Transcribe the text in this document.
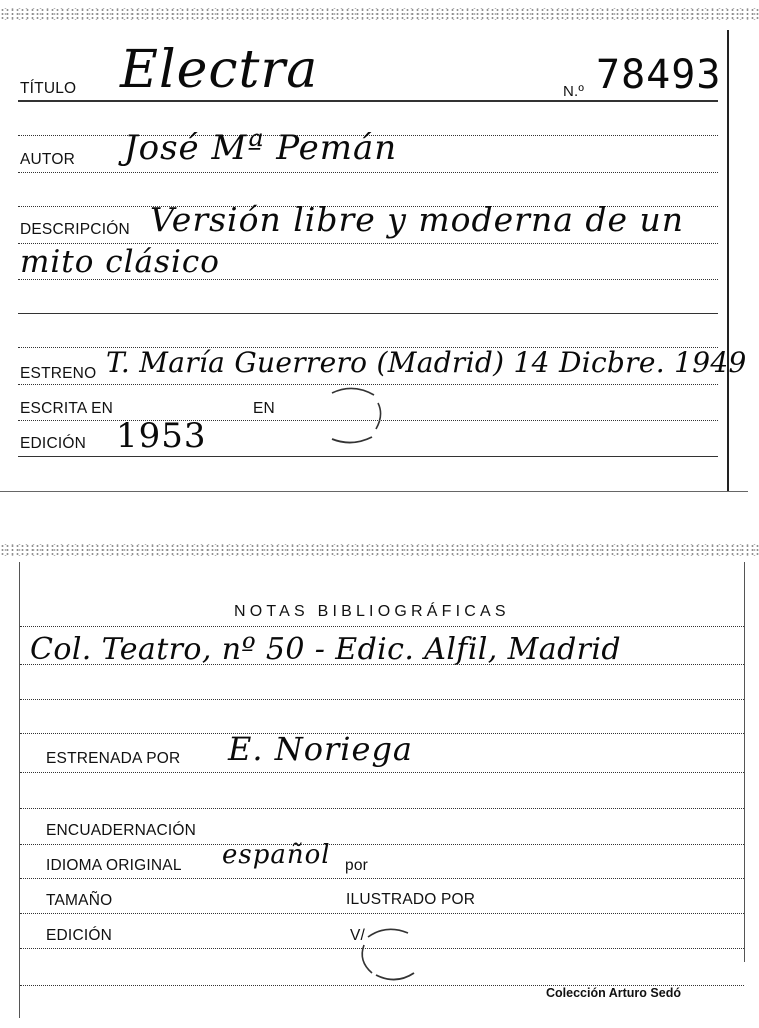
TÍTULO Electra	N.º 78493
AUTOR José Mª Pemán
DESCRIPCIÓN Versión libre y moderna de un
mito clásico
ESTRENO T. María Guerrero (Madrid) 14 Dicbre. 1949
ESCRITA EN	EN
EDICIÓN 1953
NOTAS BIBLIOGRÁFICAS
Col. Teatro, nº 50 - Edic. Alfil, Madrid
ESTRENADA POR E. Noriega
ENCUADERNACIÓN
IDIOMA ORIGINAL español por
TAMAÑO	ILUSTRADO POR
EDICIÓN	V/
Colección Arturo Sedó
